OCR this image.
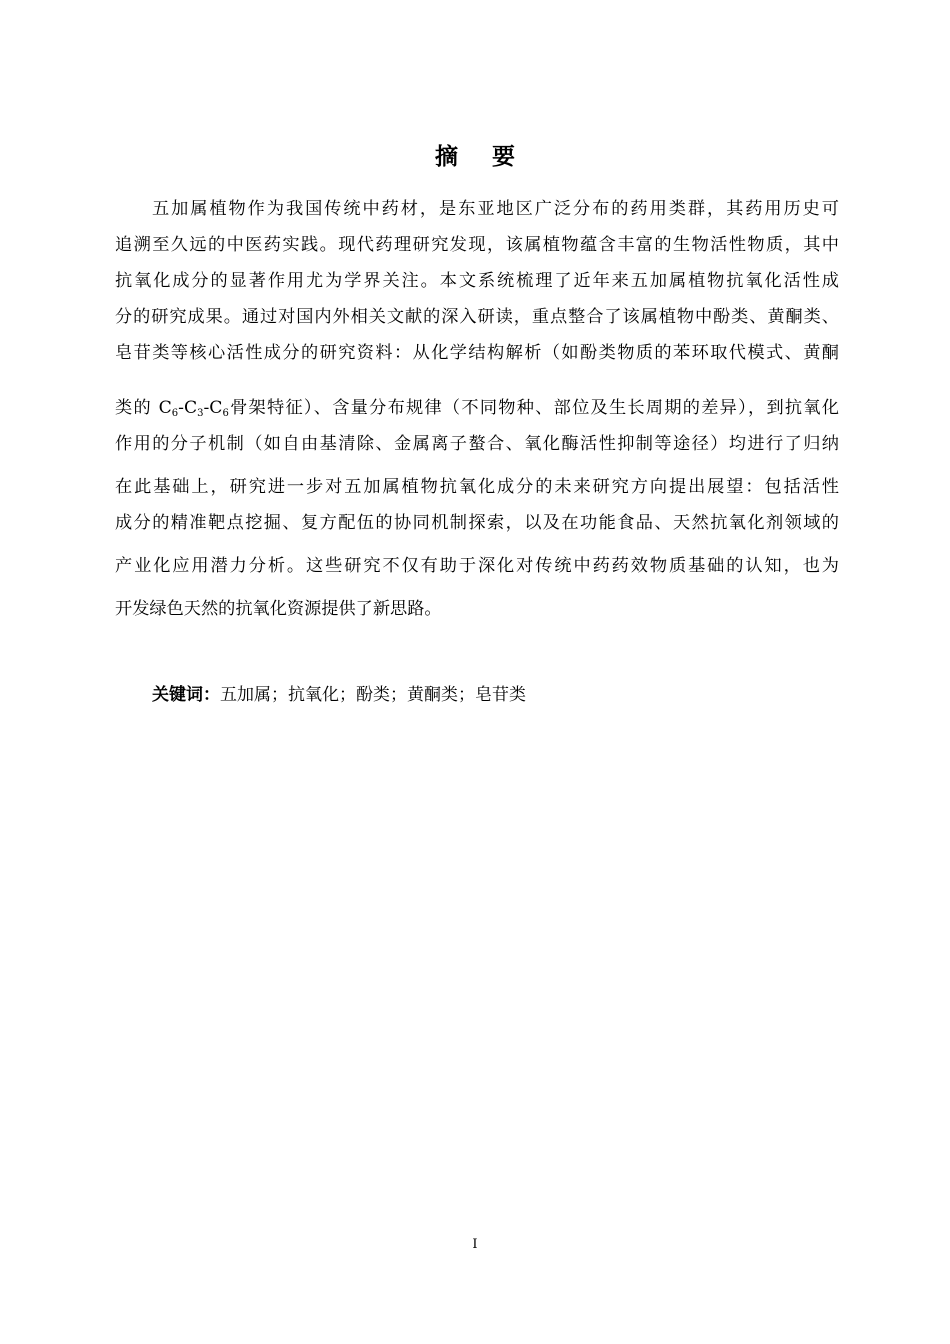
摘要
五加属植物作为我国传统中药材，是东亚地区广泛分布的药用类群，其药用历史可
追溯至久远的中医药实践。现代药理研究发现，该属植物蕴含丰富的生物活性物质，其中
抗氧化成分的显著作用尤为学界关注。本文系统梳理了近年来五加属植物抗氧化活性成
分的研究成果。通过对国内外相关文献的深入研读，重点整合了该属植物中酚类、黄酮类、
皂苷类等核心活性成分的研究资料：从化学结构解析（如酚类物质的苯环取代模式、黄酮
类的 $C_6-C_3-C_6$骨架特征）、含量分布规律（不同物种、部位及生长周期的差异），到抗氧化
作用的分子机制（如自由基清除、金属离子螯合、氧化酶活性抑制等途径）均进行了归纳
在此基础上，研究进一步对五加属植物抗氧化成分的未来研究方向提出展望：包括活性
成分的精准靶点挖掘、复方配伍的协同机制探索，以及在功能食品、天然抗氧化剂领域的
产业化应用潜力分析。这些研究不仅有助于深化对传统中药药效物质基础的认知，也为
开发绿色天然的抗氧化资源提供了新思路。
关键词：五加属；抗氧化；酚类；黄酮类；皂苷类
I
